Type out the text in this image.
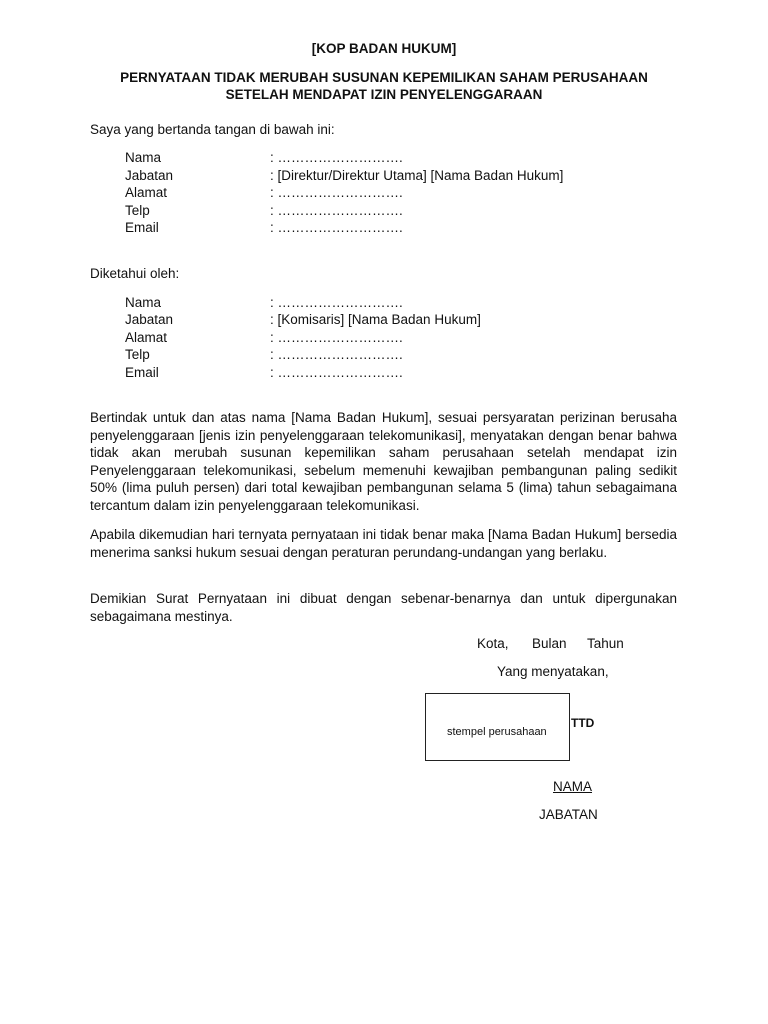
[KOP BADAN HUKUM]
PERNYATAAN TIDAK MERUBAH SUSUNAN KEPEMILIKAN SAHAM PERUSAHAAN
SETELAH MENDAPAT IZIN PENYELENGGARAAN
Saya yang bertanda tangan di bawah ini:
Nama	: ……………………….
Jabatan	: [Direktur/Direktur Utama] [Nama Badan Hukum]
Alamat	: ……………………….
Telp	: ……………………….
Email	: ……………………….
Diketahui oleh:
Nama	: ……………………….
Jabatan	: [Komisaris] [Nama Badan Hukum]
Alamat	: ……………………….
Telp	: ……………………….
Email	: ……………………….

Bertindak untuk dan atas nama [Nama Badan Hukum], sesuai persyaratan perizinan berusaha penyelenggaraan [jenis izin penyelenggaraan telekomunikasi], menyatakan dengan benar bahwa tidak akan merubah susunan kepemilikan saham perusahaan setelah mendapat izin Penyelenggaraan telekomunikasi, sebelum memenuhi kewajiban pembangunan paling sedikit 50% (lima puluh persen) dari total kewajiban pembangunan selama 5 (lima) tahun sebagaimana tercantum dalam izin penyelenggaraan telekomunikasi.

Apabila dikemudian hari ternyata pernyataan ini tidak benar maka [Nama Badan Hukum] bersedia menerima sanksi hukum sesuai dengan peraturan perundang-undangan yang berlaku.

Demikian Surat Pernyataan ini dibuat dengan sebenar-benarnya dan untuk dipergunakan sebagaimana mestinya.

Kota, Bulan Tahun
Yang menyatakan,
stempel perusahaan
TTD
NAMA
JABATAN
